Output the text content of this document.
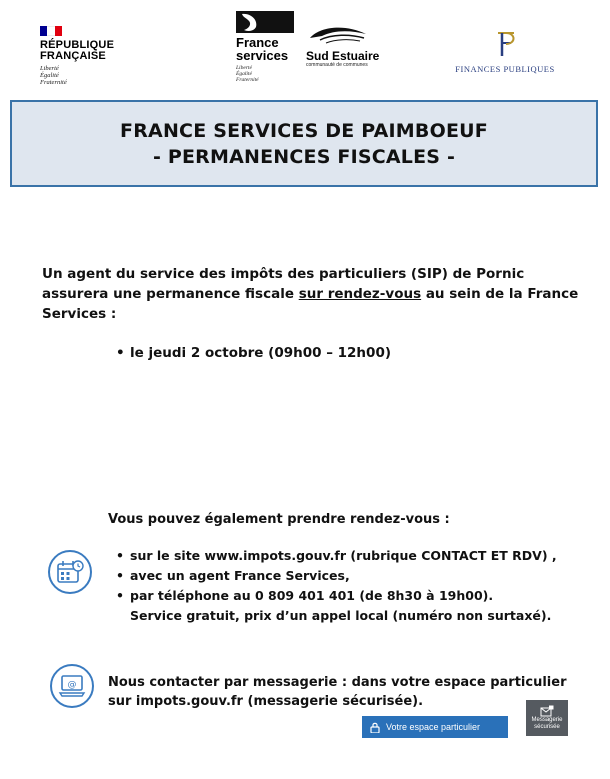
RÉPUBLIQUE
FRANÇAISE
Liberté
Égalité
Fraternité
France
services
Liberté
Égalité
Fraternité
Sud Estuaire
communauté de communes	FINANCES PUBLIQUES
FRANCE SERVICES DE PAIMBOEUF
- PERMANENCES FISCALES -
Un agent du service des impôts des particuliers (SIP) de Pornic assurera une permanence fiscale sur rendez-vous au sein de la France Services :
• le jeudi 2 octobre (09h00 – 12h00)
Vous pouvez également prendre rendez-vous :
• sur le site www.impots.gouv.fr (rubrique CONTACT ET RDV) ,
• avec un agent France Services,
• par téléphone au 0 809 401 401 (de 8h30 à 19h00).
Service gratuit, prix d’un appel local (numéro non surtaxé).
@ Nous contacter par messagerie : dans votre espace particulier sur impots.gouv.fr (messagerie sécurisée).
Votre espace particulier
Messagerie
sécurisée
